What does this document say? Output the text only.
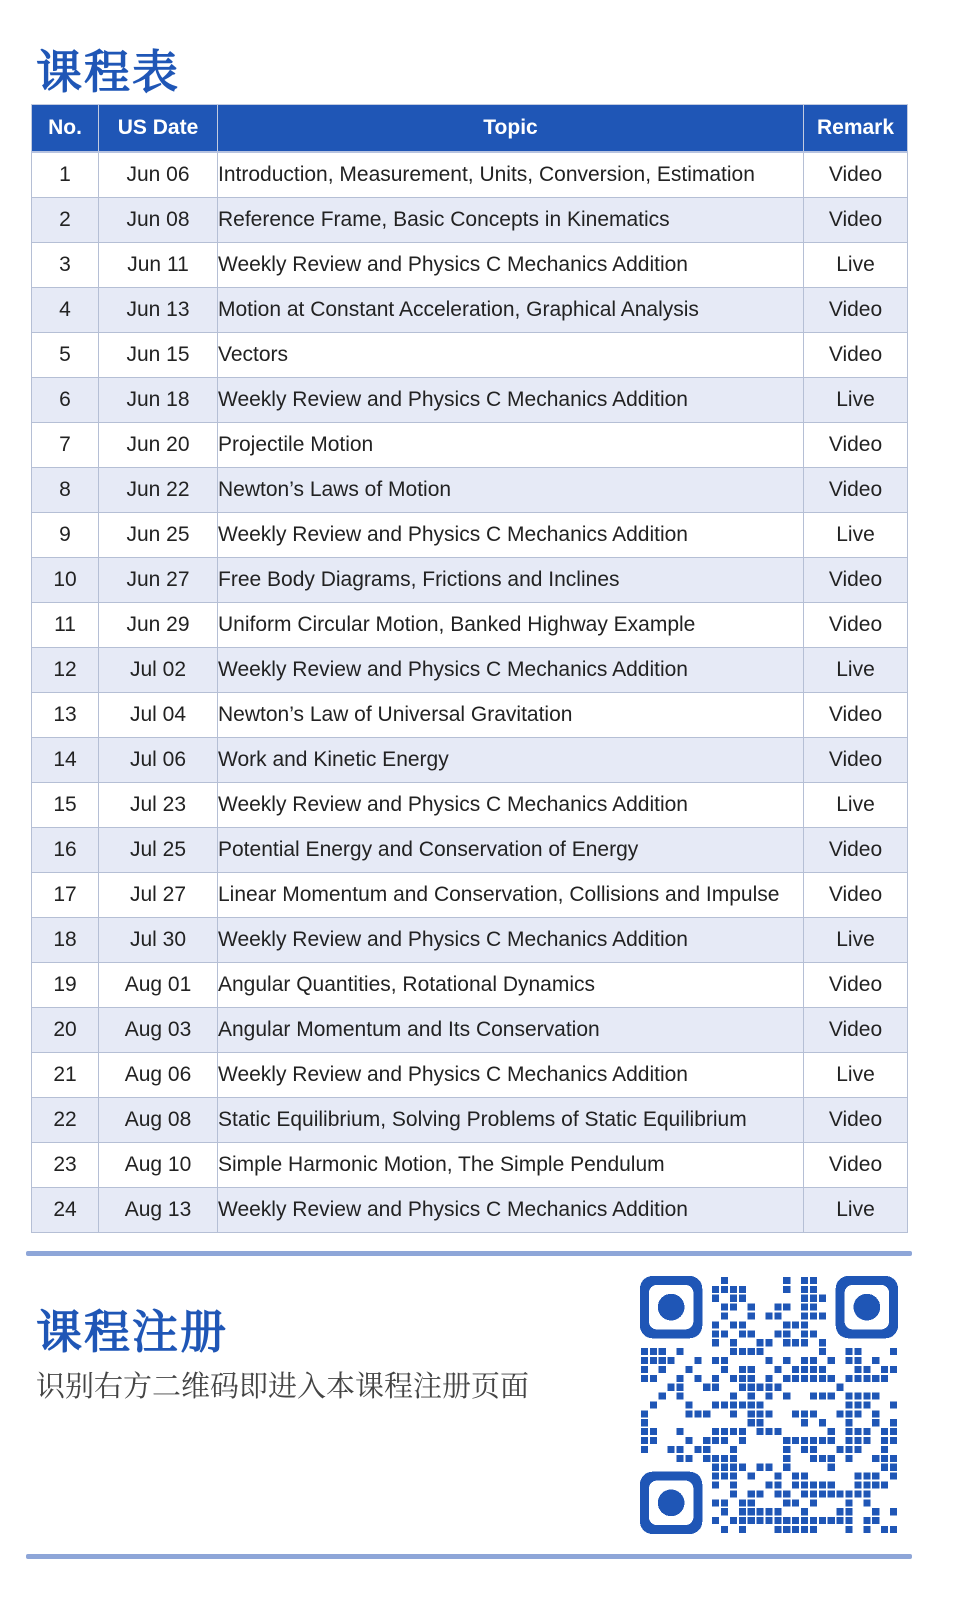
课程表
No.	US Date	Topic	Remark
1	Jun 06	Introduction, Measurement, Units, Conversion, Estimation	Video
2	Jun 08	Reference Frame, Basic Concepts in Kinematics	Video
3	Jun 11	Weekly Review and Physics C Mechanics Addition	Live
4	Jun 13	Motion at Constant Acceleration, Graphical Analysis	Video
5	Jun 15	Vectors	Video
6	Jun 18	Weekly Review and Physics C Mechanics Addition	Live
7	Jun 20	Projectile Motion	Video
8	Jun 22	Newton’s Laws of Motion	Video
9	Jun 25	Weekly Review and Physics C Mechanics Addition	Live
10	Jun 27	Free Body Diagrams, Frictions and Inclines	Video
11	Jun 29	Uniform Circular Motion, Banked Highway Example	Video
12	Jul 02	Weekly Review and Physics C Mechanics Addition	Live
13	Jul 04	Newton’s Law of Universal Gravitation	Video
14	Jul 06	Work and Kinetic Energy	Video
15	Jul 23	Weekly Review and Physics C Mechanics Addition	Live
16	Jul 25	Potential Energy and Conservation of Energy	Video
17	Jul 27	Linear Momentum and Conservation, Collisions and Impulse	Video
18	Jul 30	Weekly Review and Physics C Mechanics Addition	Live
19	Aug 01	Angular Quantities, Rotational Dynamics	Video
20	Aug 03	Angular Momentum and Its Conservation	Video
21	Aug 06	Weekly Review and Physics C Mechanics Addition	Live
22	Aug 08	Static Equilibrium, Solving Problems of Static Equilibrium	Video
23	Aug 10	Simple Harmonic Motion, The Simple Pendulum	Video
24	Aug 13	Weekly Review and Physics C Mechanics Addition	Live
课程注册
识别右方二维码即进入本课程注册页面
